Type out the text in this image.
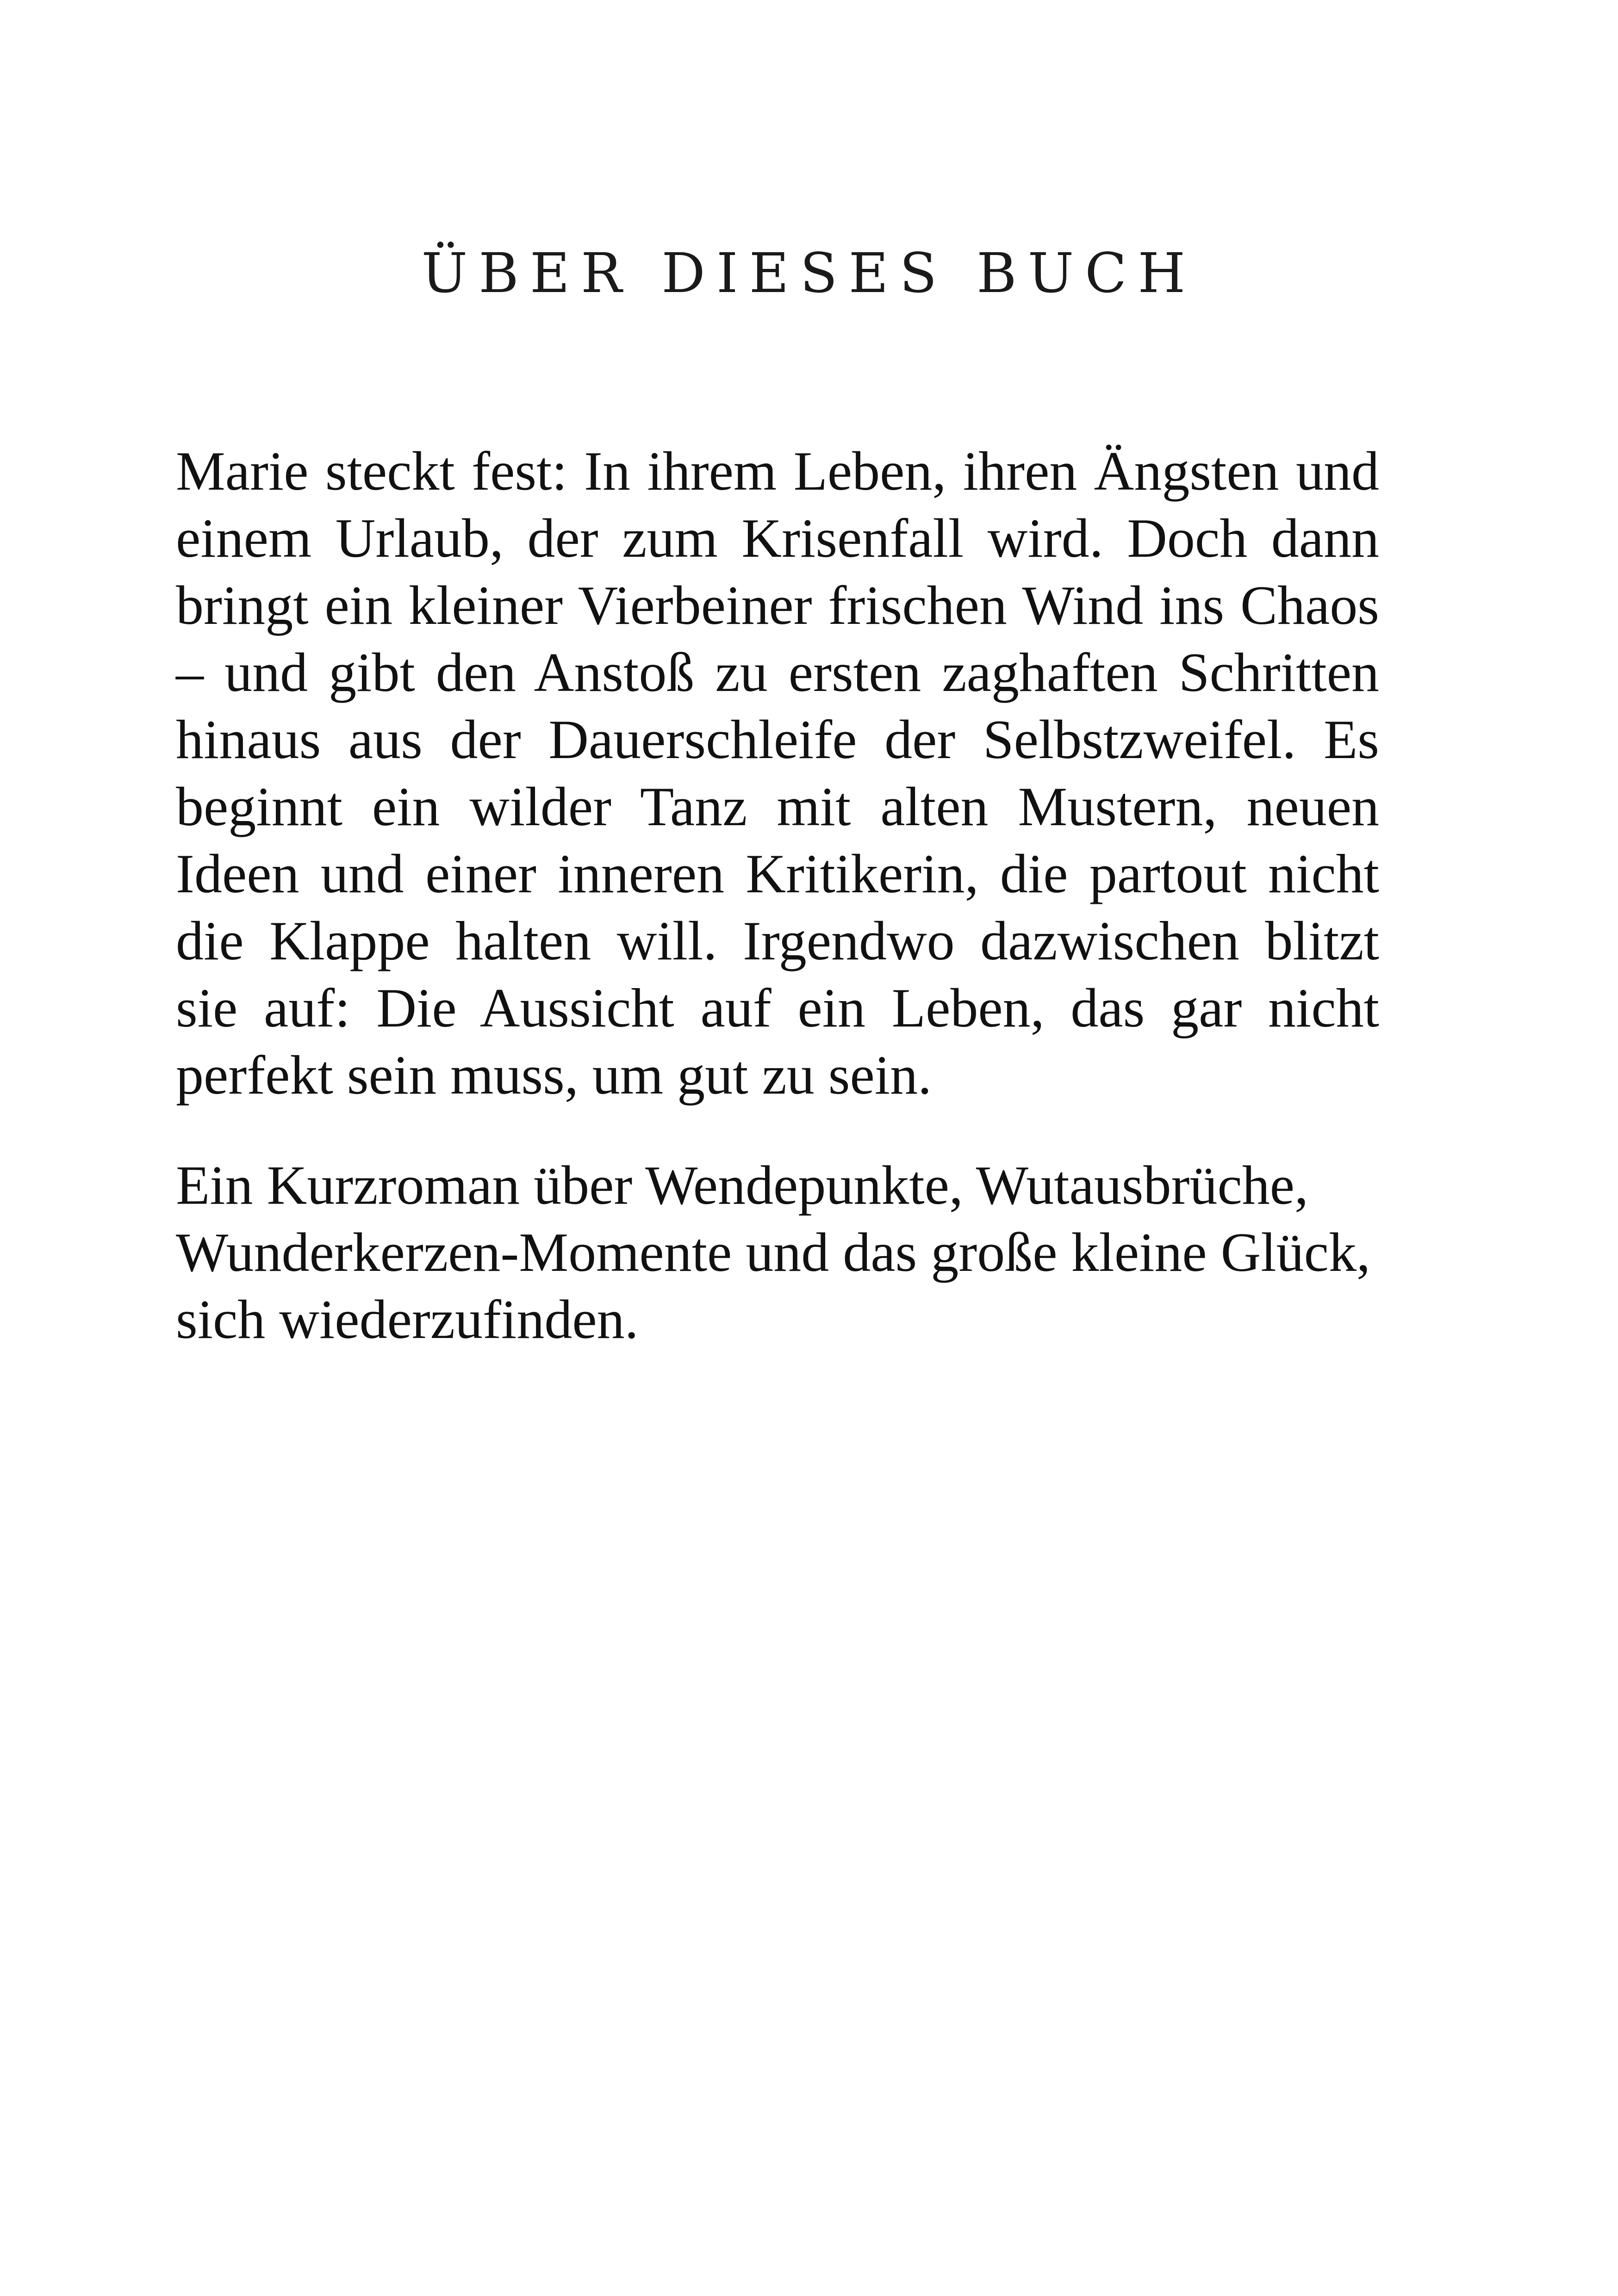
ÜBER DIESES BUCH

Marie steckt fest: In ihrem Leben, ihren Ängsten und einem Urlaub, der zum Krisenfall wird. Doch dann bringt ein kleiner Vierbeiner frischen Wind ins Chaos – und gibt den Anstoß zu ersten zaghaften Schritten hinaus aus der Dauerschleife der Selbstzweifel. Es beginnt ein wilder Tanz mit alten Mustern, neuen Ideen und einer inneren Kritikerin, die partout nicht die Klappe halten will. Irgendwo dazwischen blitzt sie auf: Die Aussicht auf ein Leben, das gar nicht perfekt sein muss, um gut zu sein.

Ein Kurzroman über Wendepunkte, Wutausbrüche, Wunderkerzen-Momente und das große kleine Glück, sich wiederzufinden.
